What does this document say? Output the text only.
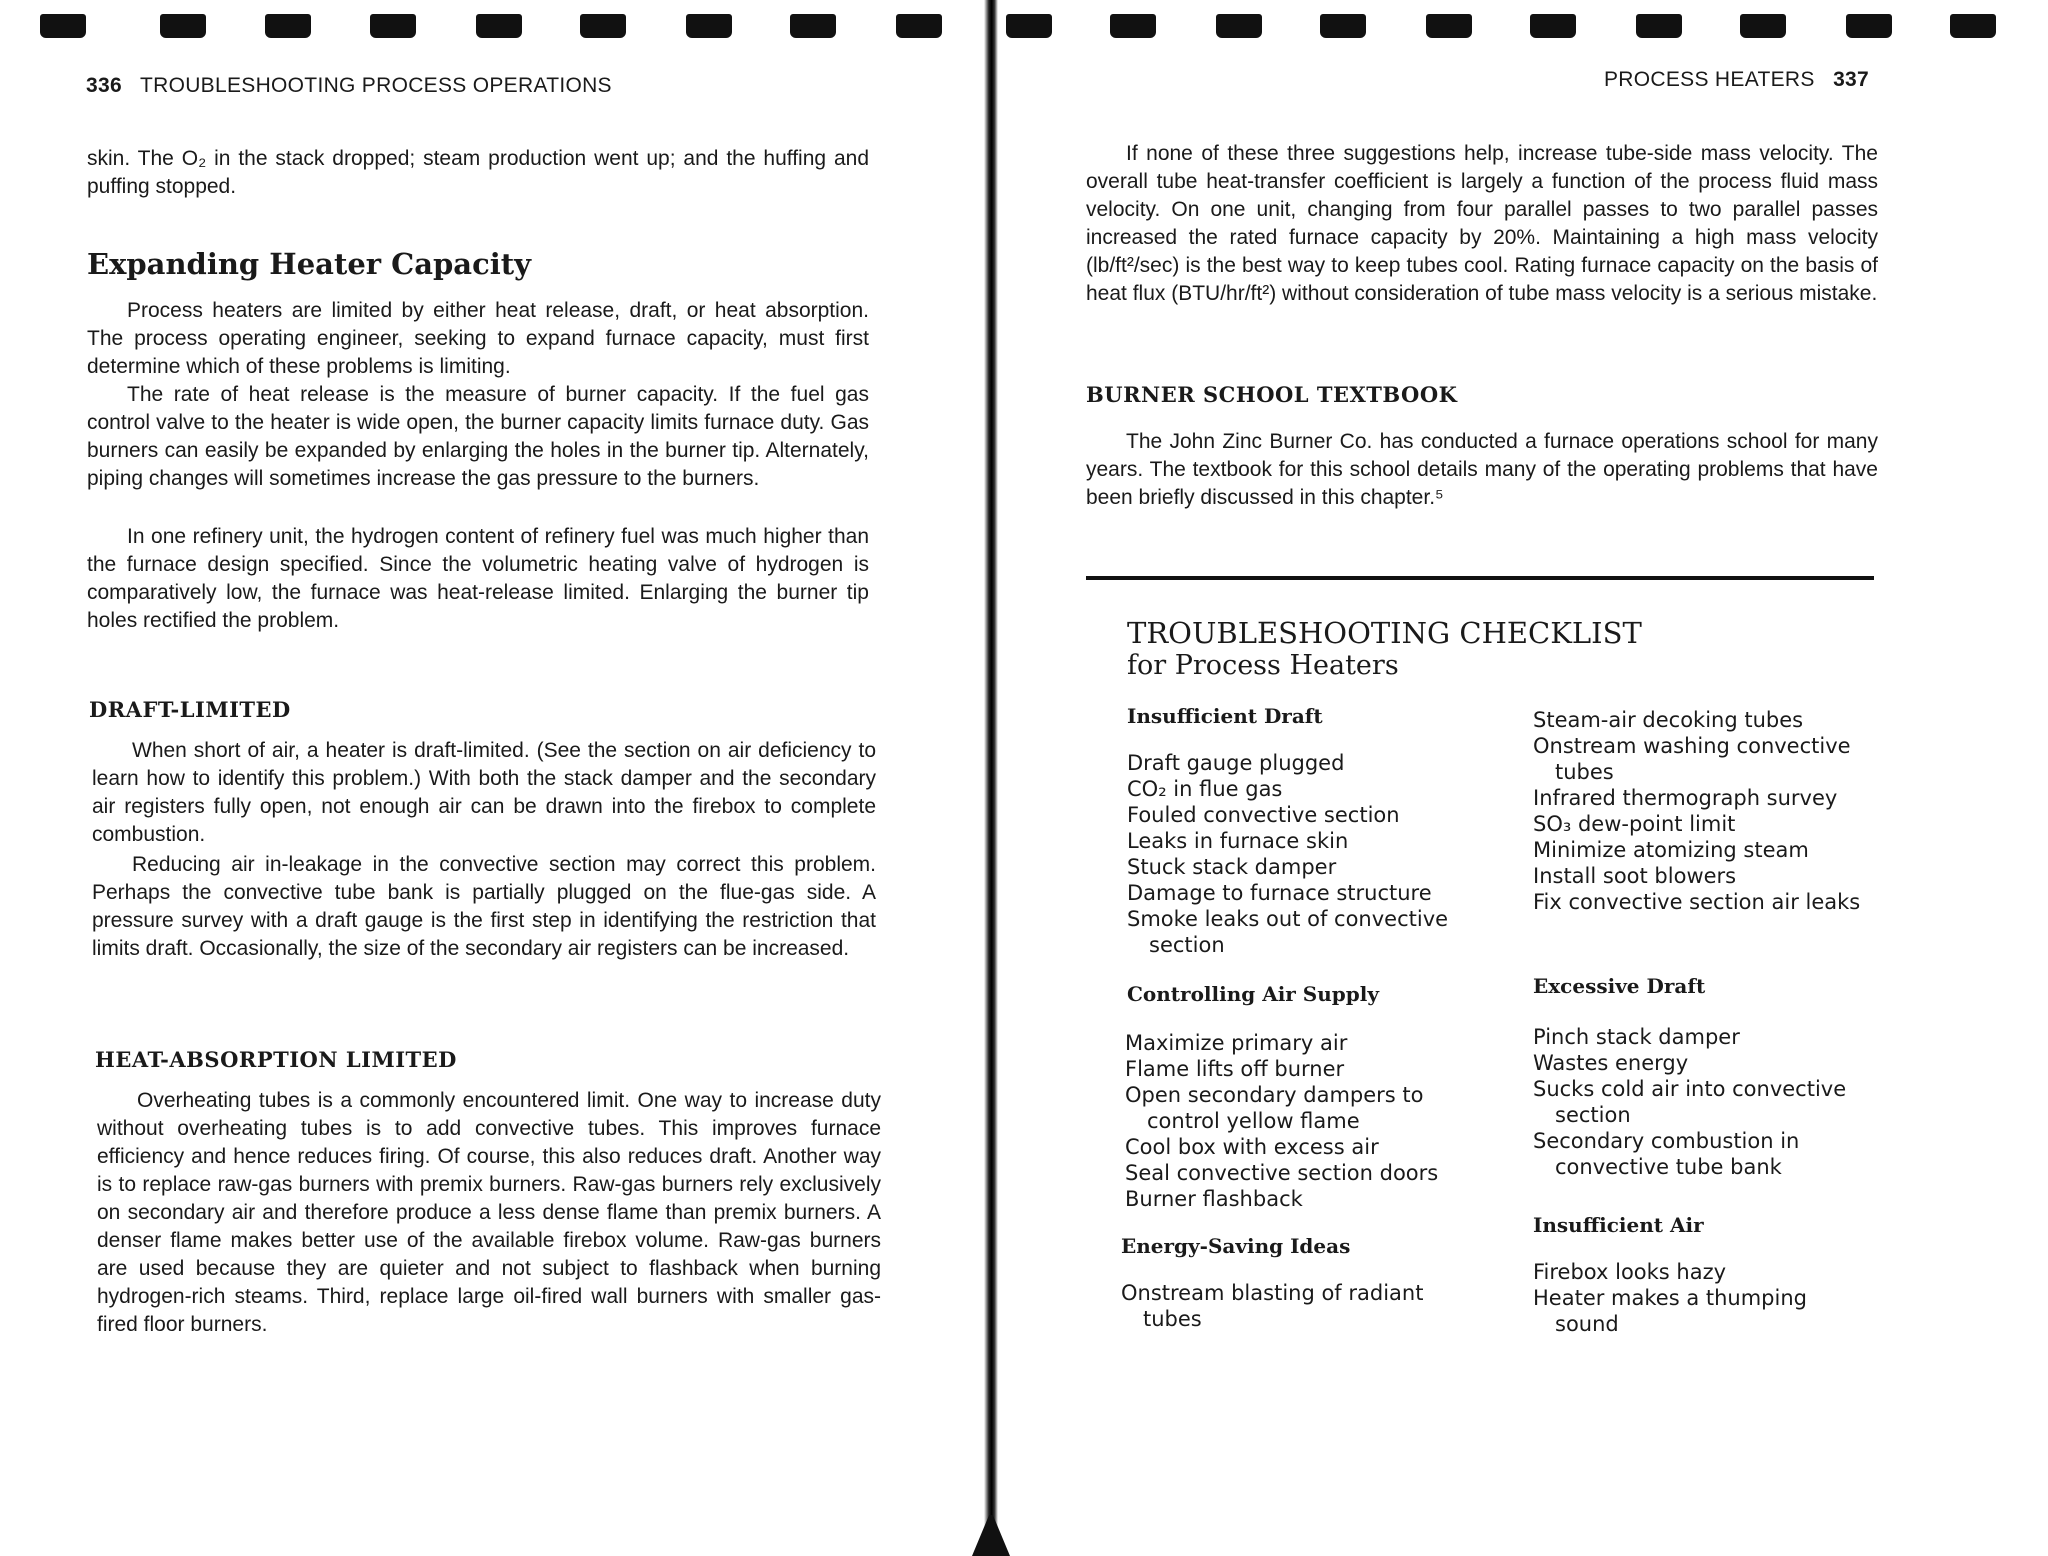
336 TROUBLESHOOTING PROCESS OPERATIONS
skin. The O₂ in the stack dropped; steam production went up; and the huffing and puffing stopped.
Expanding Heater Capacity
Process heaters are limited by either heat release, draft, or heat absorption. The process operating engineer, seeking to expand furnace capacity, must first determine which of these problems is limiting.
The rate of heat release is the measure of burner capacity. If the fuel gas control valve to the heater is wide open, the burner capacity limits furnace duty. Gas burners can easily be expanded by enlarging the holes in the burner tip. Alternately, piping changes will sometimes increase the gas pressure to the burners.
In one refinery unit, the hydrogen content of refinery fuel was much higher than the furnace design specified. Since the volumetric heating valve of hydrogen is comparatively low, the furnace was heat-release limited. Enlarging the burner tip holes rectified the problem.
DRAFT-LIMITED
When short of air, a heater is draft-limited. (See the section on air deficiency to learn how to identify this problem.) With both the stack damper and the secondary air registers fully open, not enough air can be drawn into the firebox to complete combustion.
Reducing air in-leakage in the convective section may correct this problem. Perhaps the convective tube bank is partially plugged on the flue-gas side. A pressure survey with a draft gauge is the first step in identifying the restriction that limits draft. Occasionally, the size of the secondary air registers can be increased.
HEAT-ABSORPTION LIMITED
Overheating tubes is a commonly encountered limit. One way to increase duty without overheating tubes is to add convective tubes. This improves furnace efficiency and hence reduces firing. Of course, this also reduces draft. Another way is to replace raw-gas burners with premix burners. Raw-gas burners rely exclusively on secondary air and therefore produce a less dense flame than premix burners. A denser flame makes better use of the available firebox volume. Raw-gas burners are used because they are quieter and not subject to flashback when burning hydrogen-rich steams. Third, replace large oil-fired wall burners with smaller gas-fired floor burners.
PROCESS HEATERS 337
If none of these three suggestions help, increase tube-side mass velocity. The overall tube heat-transfer coefficient is largely a function of the process fluid mass velocity. On one unit, changing from four parallel passes to two parallel passes increased the rated furnace capacity by 20%. Maintaining a high mass velocity (lb/ft²/sec) is the best way to keep tubes cool. Rating furnace capacity on the basis of heat flux (BTU/hr/ft²) without consideration of tube mass velocity is a serious mistake.
BURNER SCHOOL TEXTBOOK
The John Zinc Burner Co. has conducted a furnace operations school for many years. The textbook for this school details many of the operating problems that have been briefly discussed in this chapter.⁵
TROUBLESHOOTING CHECKLIST
for Process Heaters
Insufficient Draft
Draft gauge plugged
CO₂ in flue gas
Fouled convective section
Leaks in furnace skin
Stuck stack damper
Damage to furnace structure
Smoke leaks out of convective section
Controlling Air Supply
Maximize primary air
Flame lifts off burner
Open secondary dampers to control yellow flame
Cool box with excess air
Seal convective section doors
Burner flashback
Energy-Saving Ideas
Onstream blasting of radiant tubes
Steam-air decoking tubes
Onstream washing convective tubes
Infrared thermograph survey
SO₃ dew-point limit
Minimize atomizing steam
Install soot blowers
Fix convective section air leaks
Excessive Draft
Pinch stack damper
Wastes energy
Sucks cold air into convective section
Secondary combustion in convective tube bank
Insufficient Air
Firebox looks hazy
Heater makes a thumping sound
